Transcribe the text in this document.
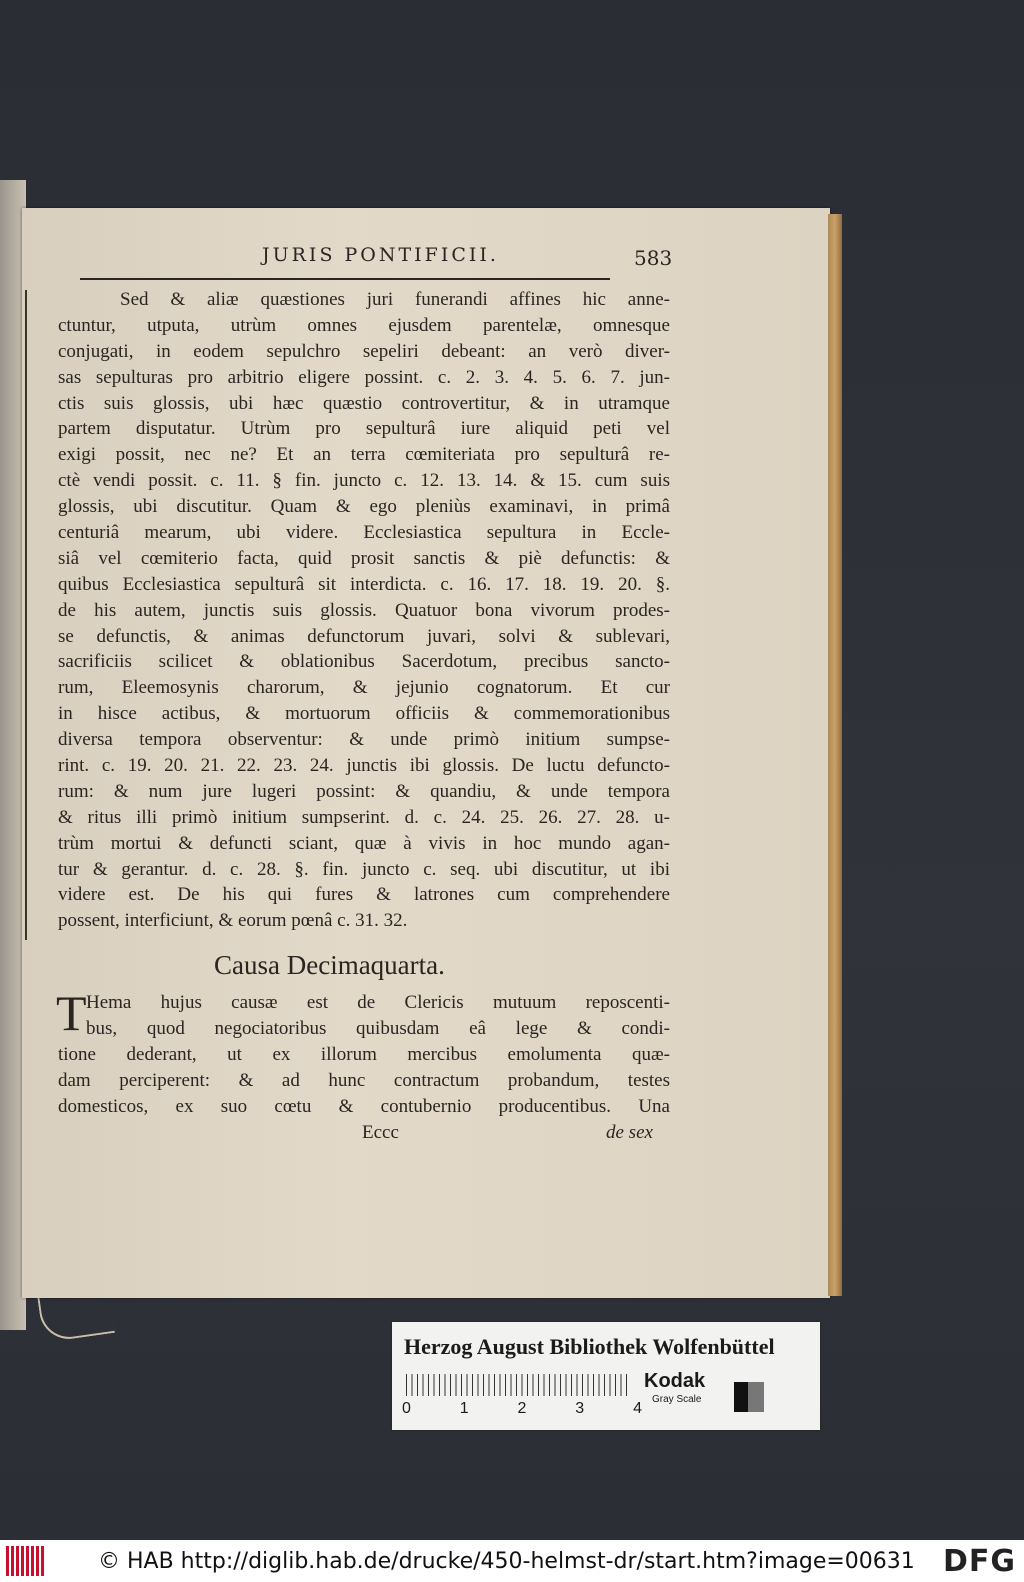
JURIS PONTIFICII.	583
Sed & aliæ quæstiones juri funerandi affines hic anne-
ctuntur, utputa, utrùm omnes ejusdem parentelæ, omnesque
conjugati, in eodem sepulchro sepeliri debeant: an verò diver-
sas sepulturas pro arbitrio eligere possint. c. 2. 3. 4. 5. 6. 7. jun-
ctis suis glossis, ubi hæc quæstio controvertitur, & in utramque
partem disputatur. Utrùm pro sepulturâ iure aliquid peti vel
exigi possit, nec ne? Et an terra cœmiteriata pro sepulturâ re-
ctè vendi possit. c. 11. § fin. juncto c. 12. 13. 14. & 15. cum suis
glossis, ubi discutitur. Quam & ego pleniùs examinavi, in primâ
centuriâ mearum, ubi videre. Ecclesiastica sepultura in Eccle-
siâ vel cœmiterio facta, quid prosit sanctis & piè defunctis: &
quibus Ecclesiastica sepulturâ sit interdicta. c. 16. 17. 18. 19. 20. §.
de his autem, junctis suis glossis. Quatuor bona vivorum prodes-
se defunctis, & animas defunctorum juvari, solvi & sublevari,
sacrificiis scilicet & oblationibus Sacerdotum, precibus sancto-
rum, Eleemosynis charorum, & jejunio cognatorum. Et cur
in hisce actibus, & mortuorum officiis & commemorationibus
diversa tempora observentur: & unde primò initium sumpse-
rint. c. 19. 20. 21. 22. 23. 24. junctis ibi glossis. De luctu defuncto-
rum: & num jure lugeri possint: & quandiu, & unde tempora
& ritus illi primò initium sumpserint. d. c. 24. 25. 26. 27. 28. u-
trùm mortui & defuncti sciant, quæ à vivis in hoc mundo agan-
tur & gerantur. d. c. 28. §. fin. juncto c. seq. ubi discutitur, ut ibi
videre est. De his qui fures & latrones cum comprehendere
possent, interficiunt, & eorum pœnâ c. 31. 32.
Causa Decimaquarta.
T Hema hujus causæ est de Clericis mutuum reposcenti-
bus, quod negociatoribus quibusdam eâ lege & condi-
tione dederant, ut ex illorum mercibus emolumenta quæ-
dam perciperent: & ad hunc contractum probandum, testes
domesticos, ex suo cœtu & contubernio producentibus. Una
Eccc	de sex
Herzog August Bibliothek Wolfenbüttel
0	1	2	3	4
Kodak
Gray Scale
© HAB http://diglib.hab.de/drucke/450-helmst-dr/start.htm?image=00631 DFG
